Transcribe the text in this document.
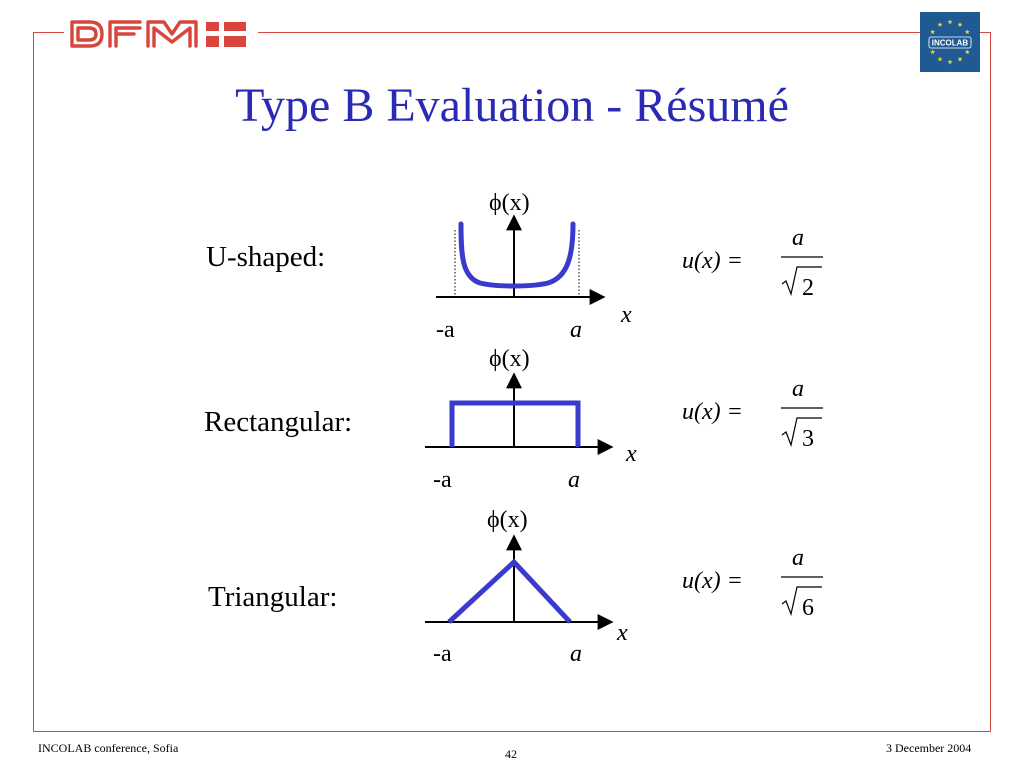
DFM
INCOLAB
Type B Evaluation - Résumé
U-shaped:
Rectangular:
Triangular:
ϕ(x)
x
-a	a
ϕ(x)
x
-a	a
ϕ(x)
x
-a	a
u(x) =
a
2
u(x) =
a
3
u(x) =
a
6
INCOLAB conference, Sofia	42	3 December 2004
